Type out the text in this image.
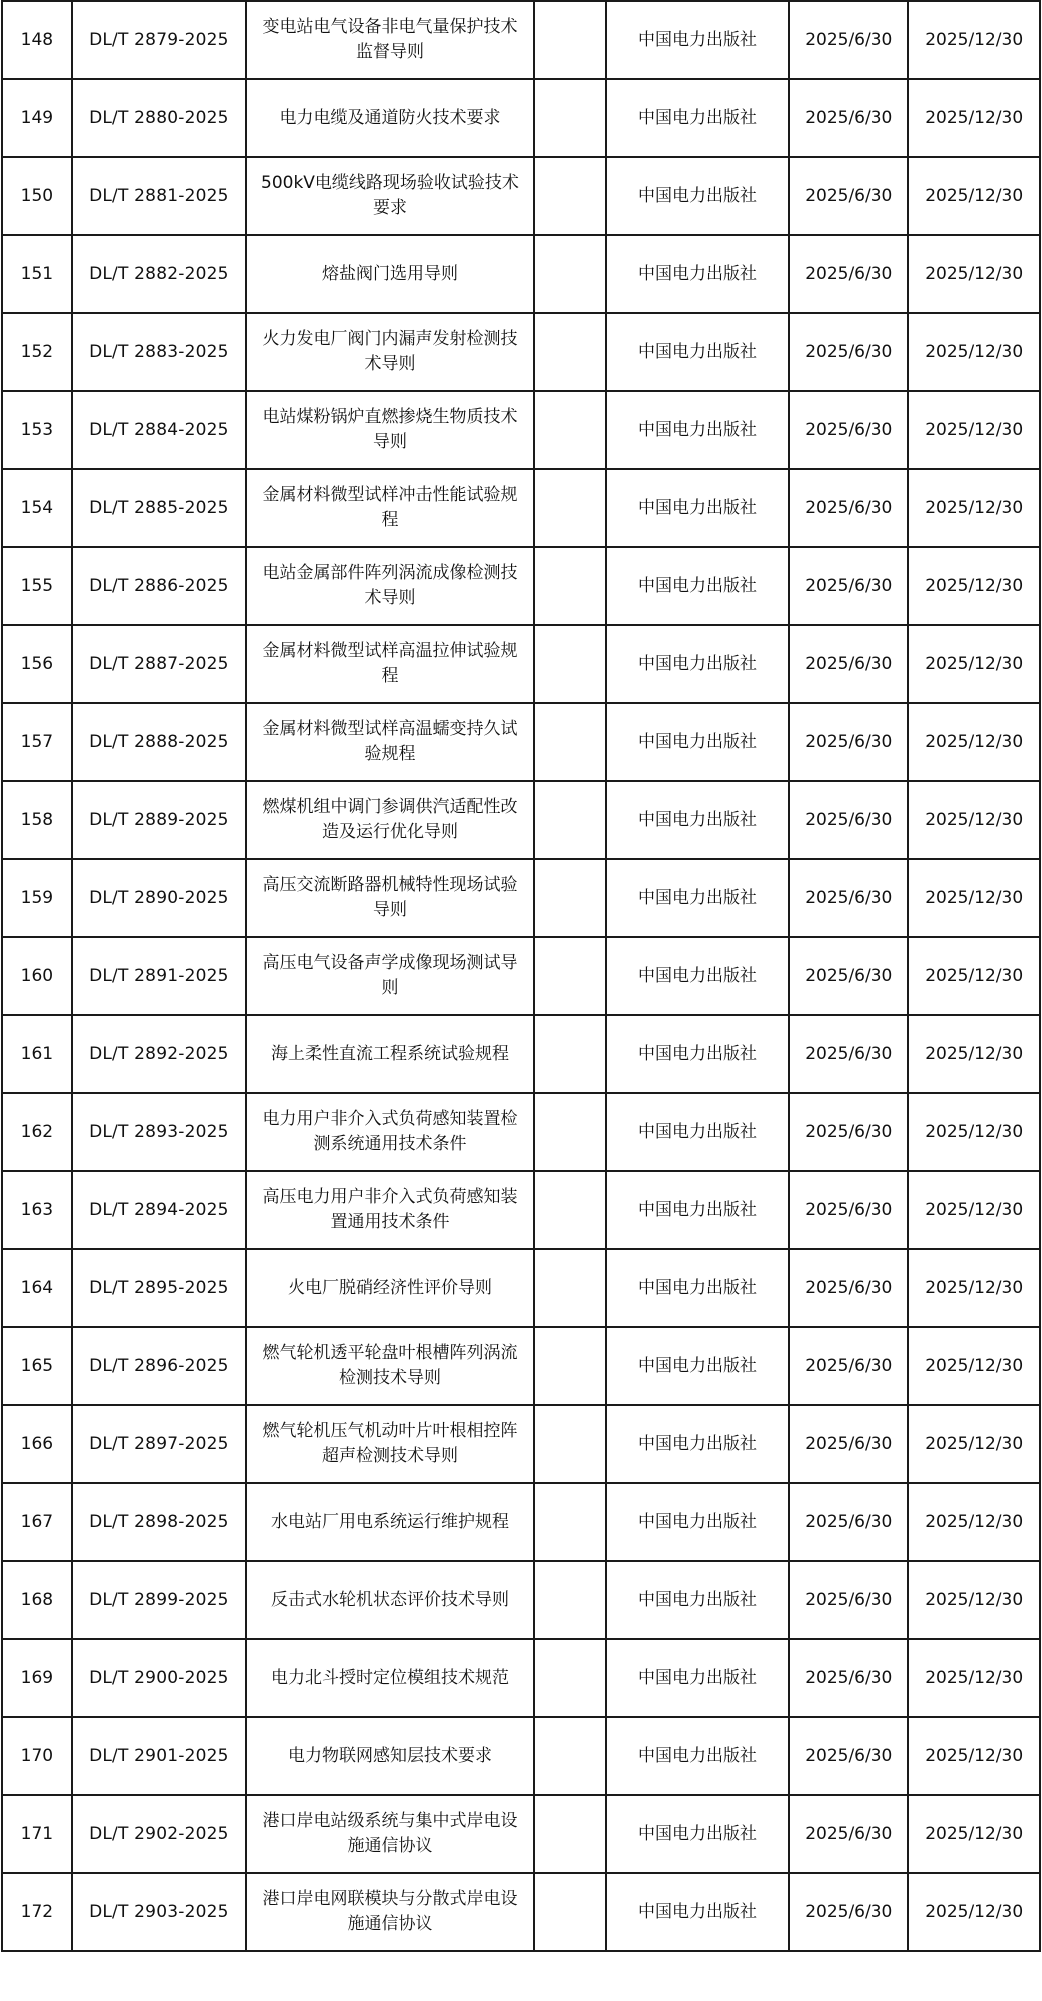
148	DL/T 2879-2025	变电站电气设备非电气量保护技术监督导则		中国电力出版社	2025/6/30	2025/12/30
149	DL/T 2880-2025	电力电缆及通道防火技术要求		中国电力出版社	2025/6/30	2025/12/30
150	DL/T 2881-2025	500kV电缆线路现场验收试验技术要求		中国电力出版社	2025/6/30	2025/12/30
151	DL/T 2882-2025	熔盐阀门选用导则		中国电力出版社	2025/6/30	2025/12/30
152	DL/T 2883-2025	火力发电厂阀门内漏声发射检测技术导则		中国电力出版社	2025/6/30	2025/12/30
153	DL/T 2884-2025	电站煤粉锅炉直燃掺烧生物质技术导则		中国电力出版社	2025/6/30	2025/12/30
154	DL/T 2885-2025	金属材料微型试样冲击性能试验规程		中国电力出版社	2025/6/30	2025/12/30
155	DL/T 2886-2025	电站金属部件阵列涡流成像检测技术导则		中国电力出版社	2025/6/30	2025/12/30
156	DL/T 2887-2025	金属材料微型试样高温拉伸试验规程		中国电力出版社	2025/6/30	2025/12/30
157	DL/T 2888-2025	金属材料微型试样高温蠕变持久试验规程		中国电力出版社	2025/6/30	2025/12/30
158	DL/T 2889-2025	燃煤机组中调门参调供汽适配性改造及运行优化导则		中国电力出版社	2025/6/30	2025/12/30
159	DL/T 2890-2025	高压交流断路器机械特性现场试验导则		中国电力出版社	2025/6/30	2025/12/30
160	DL/T 2891-2025	高压电气设备声学成像现场测试导则		中国电力出版社	2025/6/30	2025/12/30
161	DL/T 2892-2025	海上柔性直流工程系统试验规程		中国电力出版社	2025/6/30	2025/12/30
162	DL/T 2893-2025	电力用户非介入式负荷感知装置检测系统通用技术条件		中国电力出版社	2025/6/30	2025/12/30
163	DL/T 2894-2025	高压电力用户非介入式负荷感知装置通用技术条件		中国电力出版社	2025/6/30	2025/12/30
164	DL/T 2895-2025	火电厂脱硝经济性评价导则		中国电力出版社	2025/6/30	2025/12/30
165	DL/T 2896-2025	燃气轮机透平轮盘叶根槽阵列涡流检测技术导则		中国电力出版社	2025/6/30	2025/12/30
166	DL/T 2897-2025	燃气轮机压气机动叶片叶根相控阵超声检测技术导则		中国电力出版社	2025/6/30	2025/12/30
167	DL/T 2898-2025	水电站厂用电系统运行维护规程		中国电力出版社	2025/6/30	2025/12/30
168	DL/T 2899-2025	反击式水轮机状态评价技术导则		中国电力出版社	2025/6/30	2025/12/30
169	DL/T 2900-2025	电力北斗授时定位模组技术规范		中国电力出版社	2025/6/30	2025/12/30
170	DL/T 2901-2025	电力物联网感知层技术要求		中国电力出版社	2025/6/30	2025/12/30
171	DL/T 2902-2025	港口岸电站级系统与集中式岸电设施通信协议		中国电力出版社	2025/6/30	2025/12/30
172	DL/T 2903-2025	港口岸电网联模块与分散式岸电设施通信协议		中国电力出版社	2025/6/30	2025/12/30
